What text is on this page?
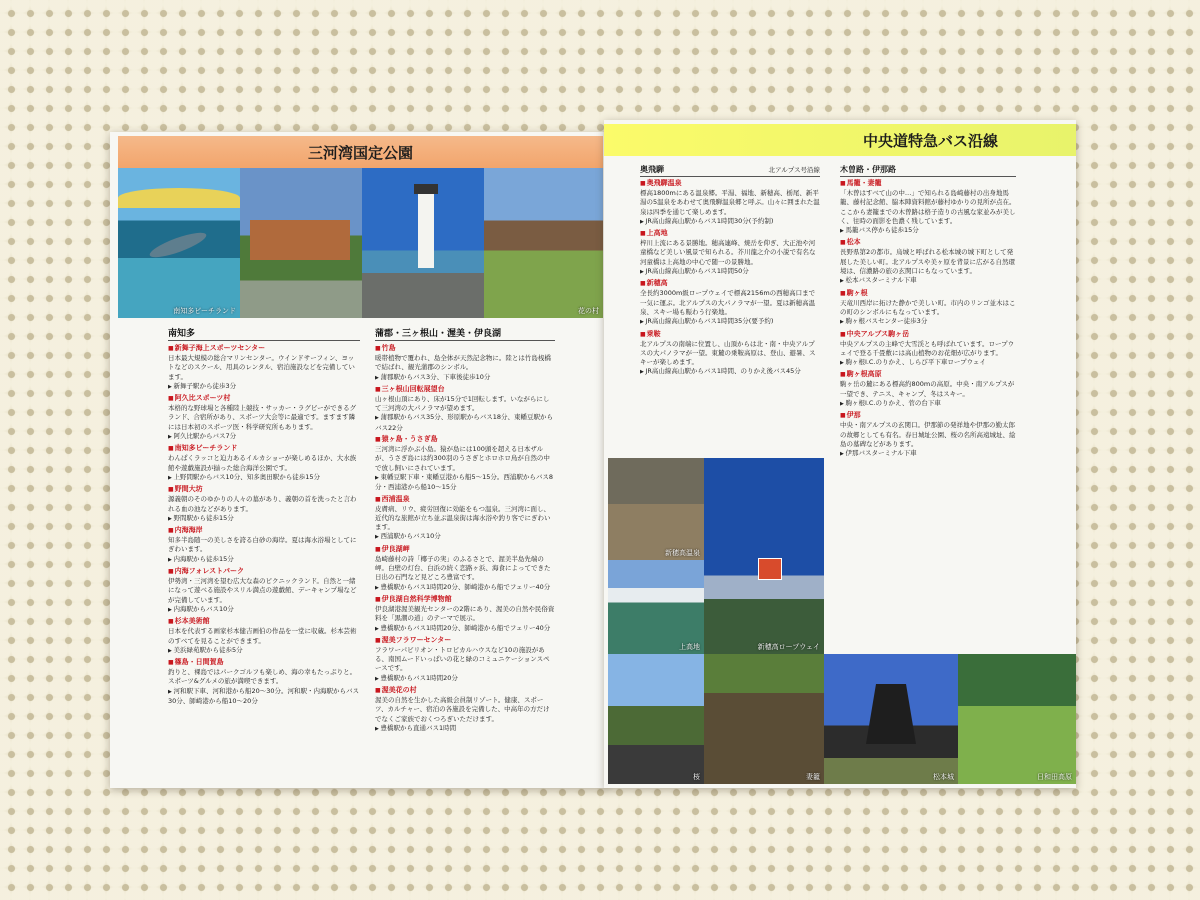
三河湾国定公園
南知多ビーチランド	花の村
南知多
■ 新舞子海上スポーツセンター

日本最大規模の総合マリンセンター。ウインドサーフィン、ヨットなどのスクール、用具のレンタル、宿泊施設などを完備しています。

▶ 新舞子駅から徒歩3分

■ 阿久比スポーツ村

本格的な野球場と各種陸上競技・サッカー・ラグビーができるグランド、合宿所があり、スポーツ大会等に最適です。ますます隣には日本初のスポーツ医・科学研究所もあります。

▶ 阿久比駅からバス7分

■ 南知多ビーチランド

わんぱくラッコと迫力あるイルカショーが楽しめるほか、大水族館や遊戯施設が揃った総合海洋公園です。

▶ 上野間駅からバス10分、知多奥田駅から徒歩15分

■ 野間大坊

源義朝のそのゆかりの人々の墓があり、義朝の首を洗ったと言われる血の池などがあります。

▶ 野間駅から徒歩15分

■ 内海海岸

知多半島随一の美しさを誇る白砂の海岸。夏は海水浴場としてにぎわいます。

▶ 内海駅から徒歩15分

■ 内海フォレストパーク

伊勢湾・三河湾を望む広大な森のピクニックランド。自然と一緒になって遊べる施設やスリル満点の遊戯館、デーキャンプ場などが完備しています。

▶ 内海駅からバス10分

■ 杉本美術館

日本を代表する画家杉本健吉画伯の作品を一堂に収蔵。杉本芸術のすべてを見ることができます。

▶ 美浜緑苑駅から徒歩5分

■ 篠島・日間賀島

釣りと、裸島ではパークゴルフも楽しめ、海の幸もたっぷりと。スポーツ&グルメの旅が満喫できます。

▶ 河和駅下車、河和港から船20〜30分。河和駅・内海駅からバス30分、師崎港から船10〜20分

蒲郡・三ヶ根山・渥美・伊良湖
■ 竹島

暖帯植物で覆われ、島全体が天然記念物に。陸とは竹島桟橋で結ばれ、観光蒲郡のシンボル。

▶ 蒲郡駅からバス3分、下車後徒歩10分

■ 三ヶ根山回転展望台

山ヶ根山頂にあり、床が15分で1回転します。いながらにして三河湾の大パノラマが望めます。

▶ 蒲郡駅からバス35分、形原駅からバス18分、東幡豆駅からバス22分

■ 猿ヶ島・うさぎ島

三河湾に浮かぶ小島。猿が島には100頭を超える日本ザルが、うさぎ島には約300羽のうさぎとホロホロ鳥が自然の中で放し飼いにされています。

▶ 東幡豆駅下車・東幡豆港から船5〜15分。西浦駅からバス8分・西浦港から船10〜15分

■ 西浦温泉

皮膚病、リウ、疲労回復に効能をもつ温泉。三河湾に面し、近代的な旅館が立ち並ぶ温泉街は海水浴や釣り客でにぎわいます。

▶ 西浦駅からバス10分

■ 伊良湖岬

島崎藤村の詩「椰子の実」のふるさとで、渥美半島先端の岬。白壁の灯台、白浜の続く恋路ヶ浜、海食によってできた日出の石門など見どころ豊富です。

▶ 豊橋駅からバス1時間20分、師崎港から船でフェリー40分

■ 伊良湖自然科学博物館

伊良湖港渥美観光センターの2階にあり、渥美の自然や民俗資料を「黒潮の道」のテーマで展示。

▶ 豊橋駅からバス1時間20分、師崎港から船でフェリー40分

■ 渥美フラワーセンター

フラワーパビリオン・トロピカルハウスなど10の施設がある、南国ムードいっぱいの花と緑のコミュニケーションスペースです。

▶ 豊橋駅からバス1時間20分

■ 渥美花の村

渥美の自然を生かした高級会員制リゾート。健康、スポーツ、カルチャー、宿泊の各施設を完備した、中高年の方だけでなくご家族でおくつろぎいただけます。

▶ 豊橋駅から直通バス1時間

中央道特急バス沿線
奥飛騨	北アルプス号沿線
■ 奥飛騨温泉

標高1800mにある温泉郷。平湯、福地、新穂高、栃尾、新平湯の5温泉をあわせて奥飛騨温泉郷と呼ぶ。山々に囲まれた温泉は四季を通じて楽しめます。

▶ JR高山線高山駅からバス1時間30分(予約制)

■ 上高地

梓川上流にある景勝地。穂高連峰、焼岳を仰ぎ、大正池や河童橋など美しい風景で知られる。芥川龍之介の小説で有名な河童橋は上高地の中心で随一の景勝地。

▶ JR高山線高山駅からバス1時間50分

■ 新穂高

全長約3000m級ロープウェイで標高2156mの西穂高口まで一気に運ぶ。北アルプスの大パノラマが一望。夏は新穂高温泉、スキー場も賑わう行楽地。

▶ JR高山線高山駅からバス1時間35分(要予約)

■ 乗鞍

北アルプスの南端に位置し、山頂からは北・南・中央アルプスの大パノラマが一望。東麓の乗鞍高原は、登山、避暑、スキーが楽しめます。

▶ JR高山線高山駅からバス1時間、のりかえ後バス45分

木曽路・伊那路
■ 馬籠・妻籠

「木曽はすべて山の中…」で知られる島崎藤村の出身地馬籠、藤村記念館、脇本陣資料館が藤村ゆかりの見所が点在。ここから妻籠までの木曽路は格子造りの古風な家並みが美しく、往時の面影を色濃く残しています。

▶ 馬籠バス停から徒歩15分

■ 松本

長野県第2の都市。烏城と呼ばれる松本城の城下町として発展した美しい町。北アルプスや美ヶ原を背景に広がる自然環境は、信濃路の旅の玄関口にもなっています。

▶ 松本バスターミナル下車

■ 駒ヶ根

天竜川西岸に拓けた静かで美しい町。市内のリンゴ並木はこの町のシンボルにもなっています。

▶ 駒ヶ根バスセンター徒歩3分

■ 中央アルプス駒ヶ岳

中央アルプスの主峰で大雪渓とも呼ばれています。ロープウェイで登る千畳敷には高山植物のお花畑が広がります。

▶ 駒ヶ根I.C.のりかえ、しらび平下車ロープウェイ

■ 駒ヶ根高原

駒ヶ岳の麓にある標高約800mの高原。中央・南アルプスが一望でき、テニス、キャンプ、冬はスキー。

▶ 駒ヶ根I.C.のりかえ、菅の台下車

■ 伊那

中央・南アルプスの玄関口。伊那節の発祥地や伊那の勤太郎の故郷としても有名。春日城址公園、桜の名所高遠城址、絵島の墓碑などがあります。

▶ 伊那バスターミナル下車

■

▶

新穂高温泉
新穂高ロープウェイ
上高地
桜	妻籠	松本城	日和田高原
